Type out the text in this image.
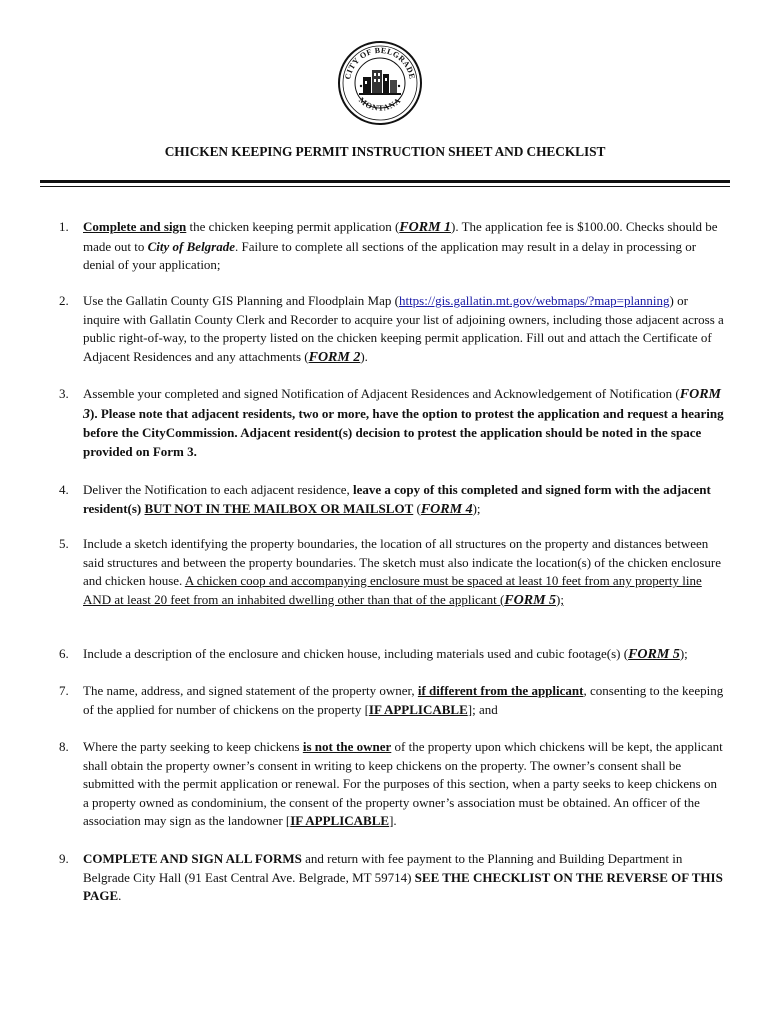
CITY OF BELGRADE
MONTANA
CHICKEN KEEPING PERMIT INSTRUCTION SHEET AND CHECKLIST
1. Complete and sign the chicken keeping permit application (FORM 1). The application fee is $100.00. Checks should be made out to City of Belgrade. Failure to complete all sections of the application may result in a delay in processing or denial of your application;
2. Use the Gallatin County GIS Planning and Floodplain Map (https://gis.gallatin.mt.gov/webmaps/?map=planning) or inquire with Gallatin County Clerk and Recorder to acquire your list of adjoining owners, including those adjacent across a public right-of-way, to the property listed on the chicken keeping permit application. Fill out and attach the Certificate of Adjacent Residences and any attachments (FORM 2).
3. Assemble your completed and signed Notification of Adjacent Residences and Acknowledgement of Notification (FORM 3). Please note that adjacent residents, two or more, have the option to protest the application and request a hearing before the CityCommission. Adjacent resident(s) decision to protest the application should be noted in the space provided on Form 3.
4. Deliver the Notification to each adjacent residence, leave a copy of this completed and signed form with the adjacent resident(s) BUT NOT IN THE MAILBOX OR MAILSLOT (FORM 4);
5. Include a sketch identifying the property boundaries, the location of all structures on the property and distances between said structures and between the property boundaries. The sketch must also indicate the location(s) of the chicken enclosure and chicken house. A chicken coop and accompanying enclosure must be spaced at least 10 feet from any property line AND at least 20 feet from an inhabited dwelling other than that of the applicant (FORM 5);
6. Include a description of the enclosure and chicken house, including materials used and cubic footage(s) (FORM 5);
7. The name, address, and signed statement of the property owner, if different from the applicant, consenting to the keeping of the applied for number of chickens on the property [IF APPLICABLE]; and
8. Where the party seeking to keep chickens is not the owner of the property upon which chickens will be kept, the applicant shall obtain the property owner’s consent in writing to keep chickens on the property. The owner’s consent shall be submitted with the permit application or renewal. For the purposes of this section, when a party seeks to keep chickens on a property owned as condominium, the consent of the property owner’s association must be obtained. An officer of the association may sign as the landowner [IF APPLICABLE].
9. COMPLETE AND SIGN ALL FORMS and return with fee payment to the Planning and Building Department in Belgrade City Hall (91 East Central Ave. Belgrade, MT 59714) SEE THE CHECKLIST ON THE REVERSE OF THIS PAGE.
